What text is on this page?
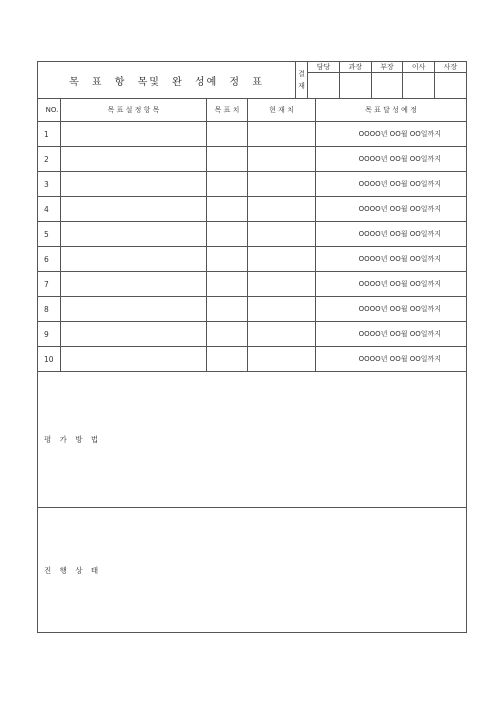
목 표 항 목및 완 성예 정 표	
결
재

담당	과장	부장	이사	사장

NO.	목 표 설 정 항 목	목 표 치	현 재 치	목 표 달 성 예 정
1				OOOO년 OO월 OO일까지
2				OOOO년 OO월 OO일까지
3				OOOO년 OO월 OO일까지
4				OOOO년 OO월 OO일까지
5				OOOO년 OO월 OO일까지
6				OOOO년 OO월 OO일까지
7				OOOO년 OO월 OO일까지
8				OOOO년 OO월 OO일까지
9				OOOO년 OO월 OO일까지
10				OOOO년 OO월 OO일까지
평 가 방 법				
진 행 상 태				
